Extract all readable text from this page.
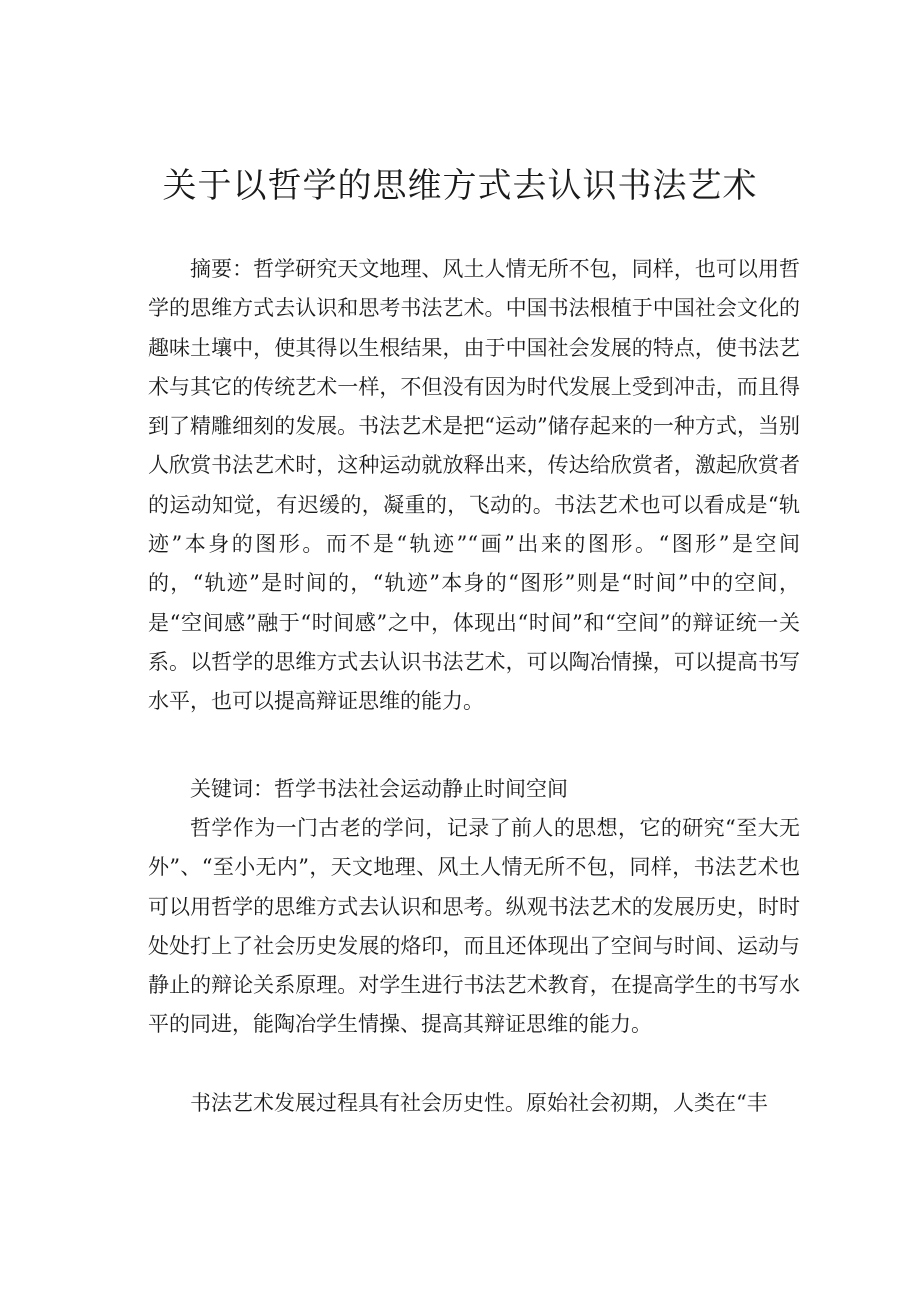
关于以哲学的思维方式去认识书法艺术

摘要：哲学研究天文地理、风土人情无所不包，同样，也可以用哲学的思维方式去认识和思考书法艺术。中国书法根植于中国社会文化的趣味土壤中，使其得以生根结果，由于中国社会发展的特点，使书法艺术与其它的传统艺术一样，不但没有因为时代发展上受到冲击，而且得到了精雕细刻的发展。书法艺术是把“运动”储存起来的一种方式，当别人欣赏书法艺术时，这种运动就放释出来，传达给欣赏者，激起欣赏者的运动知觉，有迟缓的，凝重的，飞动的。书法艺术也可以看成是“轨迹”本身的图形。而不是“轨迹”“画”出来的图形。“图形”是空间的，“轨迹”是时间的，“轨迹”本身的“图形”则是“时间”中的空间，是“空间感”融于“时间感”之中，体现出“时间”和“空间”的辩证统一关系。以哲学的思维方式去认识书法艺术，可以陶冶情操，可以提高书写水平，也可以提高辩证思维的能力。

关键词：哲学书法社会运动静止时间空间

哲学作为一门古老的学问，记录了前人的思想，它的研究“至大无外”、“至小无内”，天文地理、风土人情无所不包，同样，书法艺术也可以用哲学的思维方式去认识和思考。纵观书法艺术的发展历史，时时处处打上了社会历史发展的烙印，而且还体现出了空间与时间、运动与静止的辩论关系原理。对学生进行书法艺术教育，在提高学生的书写水平的同进，能陶冶学生情操、提高其辩证思维的能力。

书法艺术发展过程具有社会历史性。原始社会初期，人类在“丰
